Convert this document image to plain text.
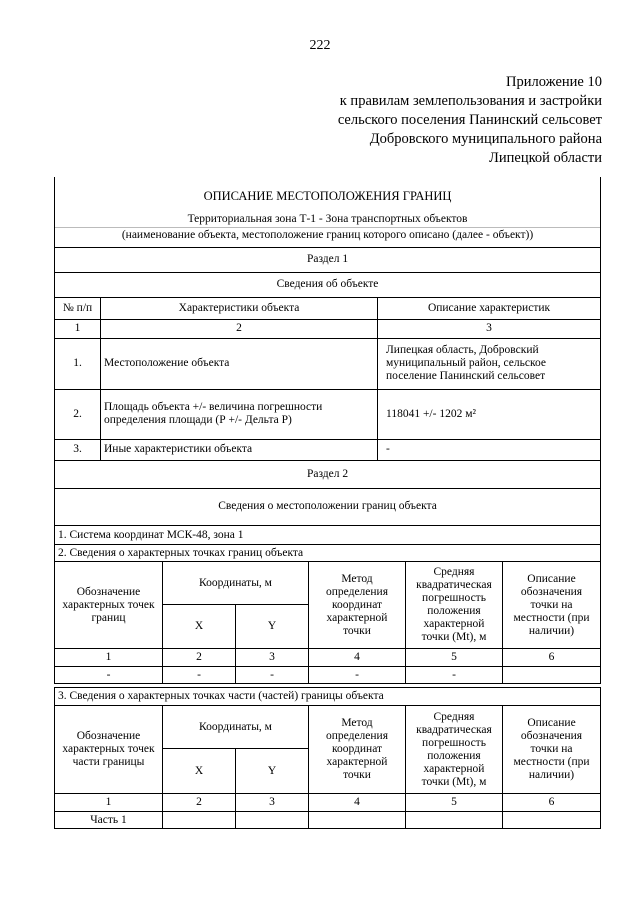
222
Приложение 10
к правилам землепользования и застройки
сельского поселения Панинский сельсовет
Добровского муниципального района
Липецкой области
ОПИСАНИЕ МЕСТОПОЛОЖЕНИЯ ГРАНИЦ		
Территориальная зона Т-1 - Зона транспортных объектов		
(наименование объекта, местоположение границ которого описано (далее - объект))		
Раздел 1		
Сведения об объекте		
№ п/п	Характеристики объекта	Описание характеристик
1	2	3
1.	Местоположение объекта	Липецкая область, Добровский муниципальный район, сельское поселение Панинский сельсовет
2.	Площадь объекта +/- величина погрешности определения площади (Р +/- Дельта Р)	118041 +/- 1202 м²
3.	Иные характеристики объекта	-
Раздел 2		
Сведения о местоположении границ объекта		
1. Система координат МСК-48, зона 1					
2. Сведения о характерных точках границ объекта					
Обозначение характерных точек границ	Координаты, м		Метод определения координат характерной точки	Средняя квадратическая погрешность положения характерной точки (Mt), м	Описание обозначения точки на местности (при наличии)
	X	Y			
1	2	3	4	5	6
-	-	-	-	-	
3. Сведения о характерных точках части (частей) границы объекта					
Обозначение характерных точек части границы	Координаты, м		Метод определения координат характерной точки	Средняя квадратическая погрешность положения характерной точки (Mt), м	Описание обозначения точки на местности (при наличии)
	X	Y			
1	2	3	4	5	6
Часть 1					
